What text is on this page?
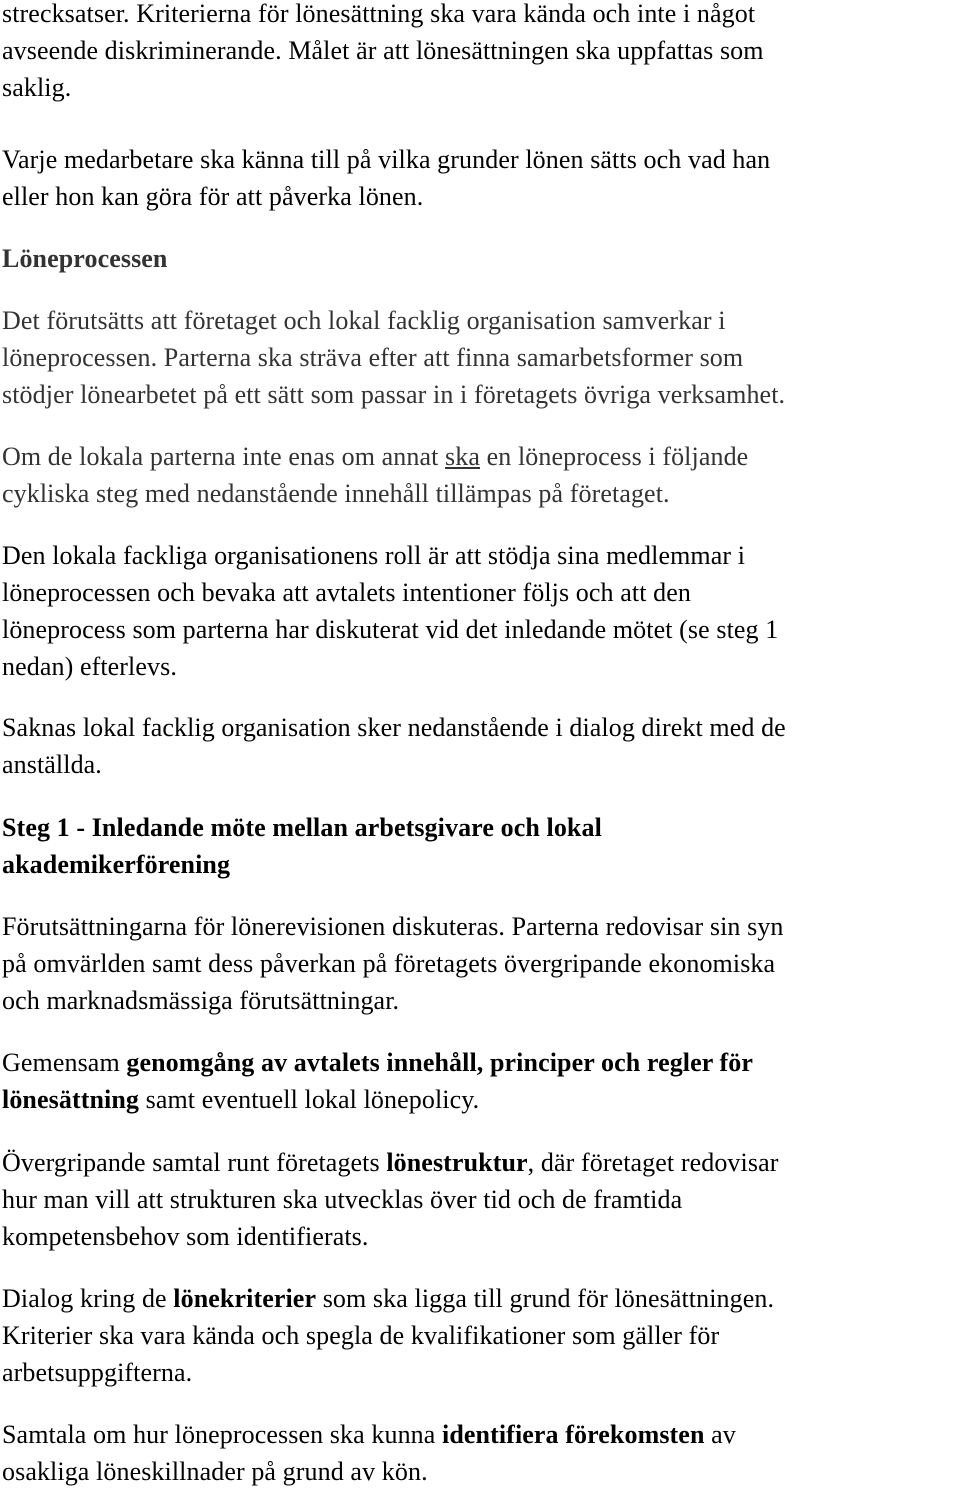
strecksatser. Kriterierna för lönesättning ska vara kända och inte i något
avseende diskriminerande. Målet är att lönesättningen ska uppfattas som
saklig.
Varje medarbetare ska känna till på vilka grunder lönen sätts och vad han
eller hon kan göra för att påverka lönen.
Löneprocessen
Det förutsätts att företaget och lokal facklig organisation samverkar i
löneprocessen. Parterna ska sträva efter att finna samarbetsformer som
stödjer lönearbetet på ett sätt som passar in i företagets övriga verksamhet.
Om de lokala parterna inte enas om annat ska en löneprocess i följande
cykliska steg med nedanstående innehåll tillämpas på företaget.
Den lokala fackliga organisationens roll är att stödja sina medlemmar i
löneprocessen och bevaka att avtalets intentioner följs och att den
löneprocess som parterna har diskuterat vid det inledande mötet (se steg 1
nedan) efterlevs.
Saknas lokal facklig organisation sker nedanstående i dialog direkt med de
anställda.
Steg 1 - Inledande möte mellan arbetsgivare och lokal
akademikerförening
Förutsättningarna för lönerevisionen diskuteras. Parterna redovisar sin syn
på omvärlden samt dess påverkan på företagets övergripande ekonomiska
och marknadsmässiga förutsättningar.
Gemensam genomgång av avtalets innehåll, principer och regler för
lönesättning samt eventuell lokal lönepolicy.
Övergripande samtal runt företagets lönestruktur, där företaget redovisar
hur man vill att strukturen ska utvecklas över tid och de framtida
kompetensbehov som identifierats.
Dialog kring de lönekriterier som ska ligga till grund för lönesättningen.
Kriterier ska vara kända och spegla de kvalifikationer som gäller för
arbetsuppgifterna.
Samtala om hur löneprocessen ska kunna identifiera förekomsten av
osakliga löneskillnader på grund av kön.
